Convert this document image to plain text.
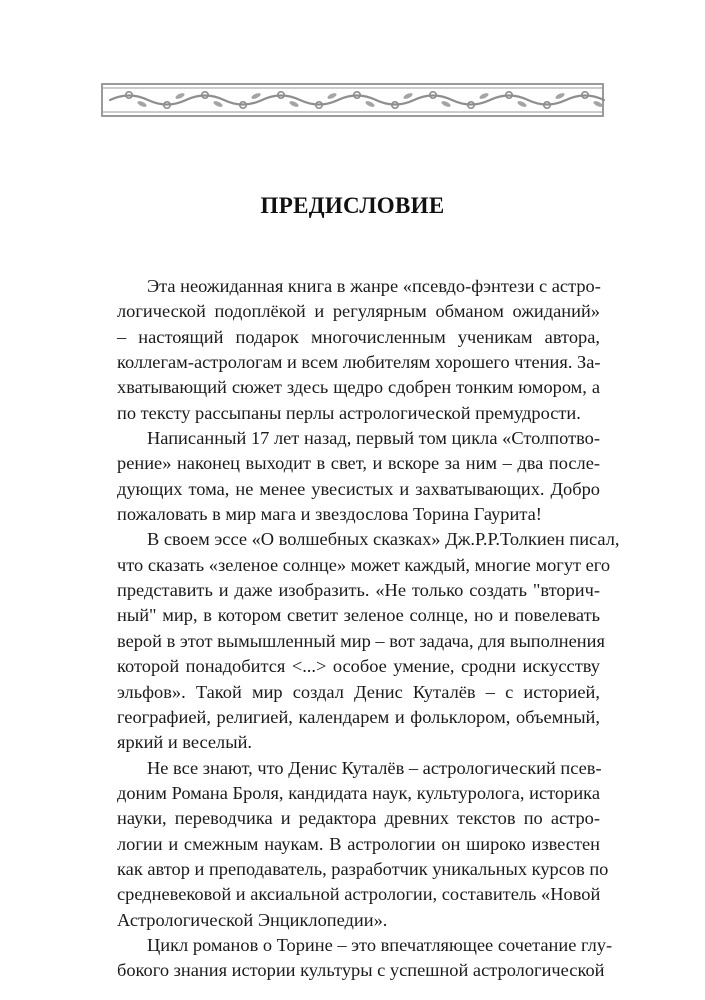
ПРЕДИСЛОВИЕ
Эта неожиданная книга в жанре «псевдо-фэнтези с астро-
логической подоплёкой и регулярным обманом ожиданий»
– настоящий подарок многочисленным ученикам автора,
коллегам-астрологам и всем любителям хорошего чтения. За-
хватывающий сюжет здесь щедро сдобрен тонким юмором, а
по тексту рассыпаны перлы астрологической премудрости.
Написанный 17 лет назад, первый том цикла «Столпотво-
рение» наконец выходит в свет, и вскоре за ним – два после-
дующих тома, не менее увесистых и захватывающих. Добро
пожаловать в мир мага и звездослова Торина Гаурита!
В своем эссе «О волшебных сказках» Дж.Р.Р.Толкиен писал,
что сказать «зеленое солнце» может каждый, многие могут его
представить и даже изобразить. «Не только создать "вторич-
ный" мир, в котором светит зеленое солнце, но и повелевать
верой в этот вымышленный мир – вот задача, для выполнения
которой понадобится <...> особое умение, сродни искусству
эльфов». Такой мир создал Денис Куталёв – с историей,
географией, религией, календарем и фольклором, объемный,
яркий и веселый.
Не все знают, что Денис Куталёв – астрологический псев-
доним Романа Броля, кандидата наук, культуролога, историка
науки, переводчика и редактора древних текстов по астро-
логии и смежным наукам. В астрологии он широко известен
как автор и преподаватель, разработчик уникальных курсов по
средневековой и аксиальной астрологии, составитель «Новой
Астрологической Энциклопедии».
Цикл романов о Торине – это впечатляющее сочетание глу-
бокого знания истории культуры с успешной астрологической
